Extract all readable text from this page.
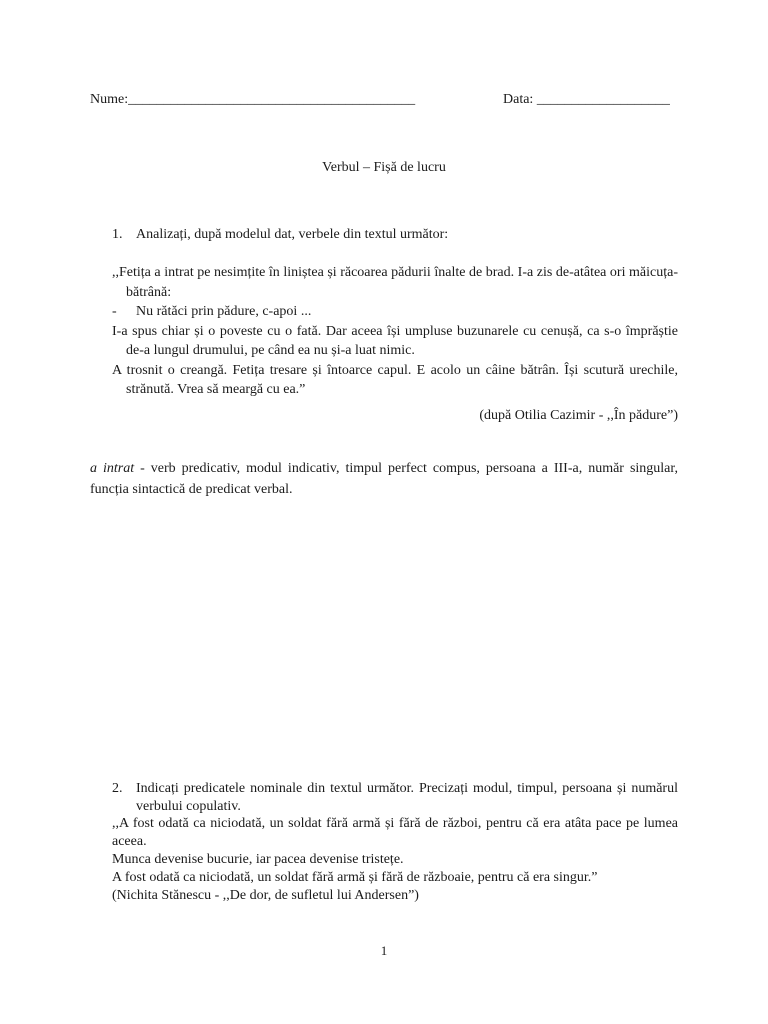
Nume:_________________________________________	Data: ___________________
Verbul – Fișă de lucru
1. Analizați, după modelul dat, verbele din textul următor:

,,Fetița a intrat pe nesimțite în liniștea și răcoarea pădurii înalte de brad. I-a zis de-atâtea ori măicuța-bătrână:

- Nu rătăci prin pădure, c-apoi ...

I-a spus chiar și o poveste cu o fată. Dar aceea își umpluse buzunarele cu cenușă, ca s-o împrăștie de-a lungul drumului, pe când ea nu și-a luat nimic.

A trosnit o creangă. Fetița tresare și întoarce capul. E acolo un câine bătrân. Își scutură urechile, strănută. Vrea să meargă cu ea.”

(după Otilia Cazimir - ,,În pădure”)

a intrat - verb predicativ, modul indicativ, timpul perfect compus, persoana a III-a, număr singular, funcția sintactică de predicat verbal.
2. Indicați predicatele nominale din textul următor. Precizați modul, timpul, persoana și numărul verbului copulativ.

,,A fost odată ca niciodată, un soldat fără armă și fără de război, pentru că era atâta pace pe lumea aceea.

Munca devenise bucurie, iar pacea devenise tristețe.

A fost odată ca niciodată, un soldat fără armă și fără de războaie, pentru că era singur.”

(Nichita Stănescu - ,,De dor, de sufletul lui Andersen”)

1
